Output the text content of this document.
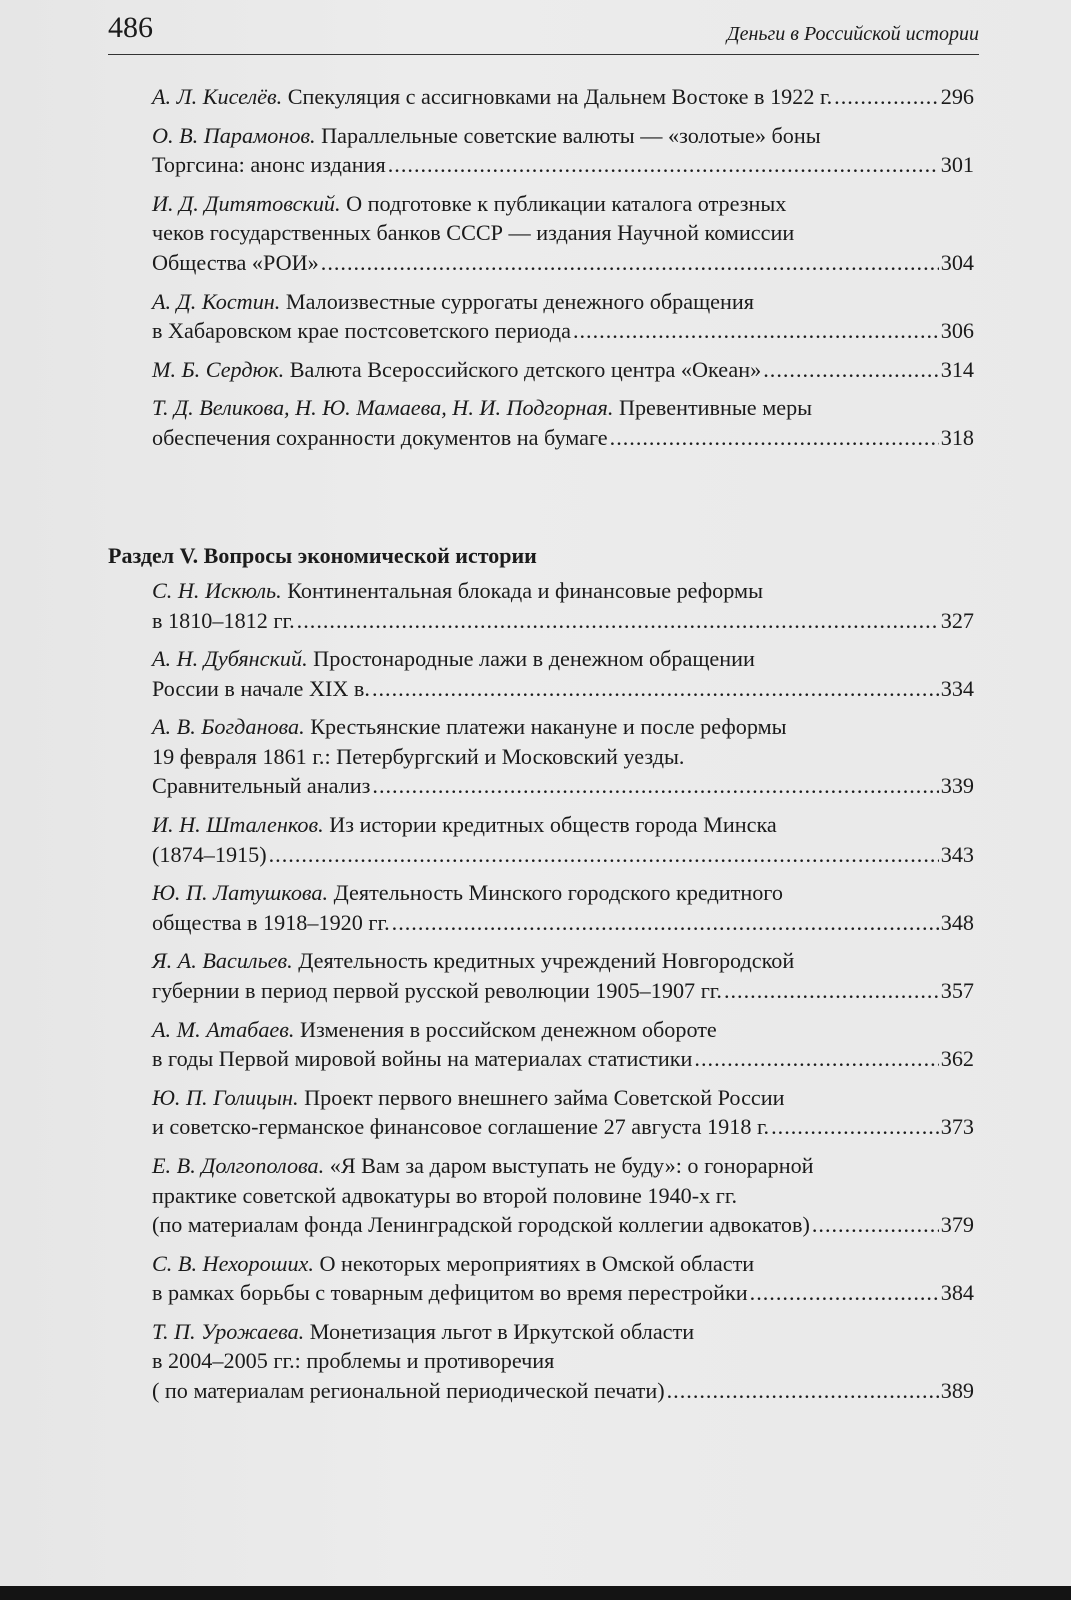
486	Деньги в Российской истории
А. Л. Киселёв. Спекуляция с ассигновками на Дальнем Востоке в 1922 г. .....	296
О. В. Парамонов. Параллельные советские валюты — «золотые» боны
Торгсина: анонс издания .....	301
И. Д. Дитятовский. О подготовке к публикации каталога отрезных
чеков государственных банков СССР — издания Научной комиссии
Общества «РОИ» .....	304
А. Д. Костин. Малоизвестные суррогаты денежного обращения
в Хабаровском крае постсоветского периода .....	306
М. Б. Сердюк. Валюта Всероссийского детского центра «Океан» .....	314
Т. Д. Великова, Н. Ю. Мамаева, Н. И. Подгорная. Превентивные меры
обеспечения сохранности документов на бумаге .....	318
Раздел V. Вопросы экономической истории
С. Н. Искюль. Континентальная блокада и финансовые реформы
в 1810–1812 гг. .....	327
А. Н. Дубянский. Простонародные лажи в денежном обращении
России в начале XIX в. .....	334
А. В. Богданова. Крестьянские платежи накануне и после реформы
19 февраля 1861 г.: Петербургский и Московский уезды.
Сравнительный анализ .....	339
И. Н. Шталенков. Из истории кредитных обществ города Минска
(1874–1915) .....	343
Ю. П. Латушкова. Деятельность Минского городского кредитного
общества в 1918–1920 гг. .....	348
Я. А. Васильев. Деятельность кредитных учреждений Новгородской
губернии в период первой русской революции 1905–1907 гг. .....	357
А. М. Атабаев. Изменения в российском денежном обороте
в годы Первой мировой войны на материалах статистики .....	362
Ю. П. Голицын. Проект первого внешнего займа Советской России
и советско-германское финансовое соглашение 27 августа 1918 г. .....	373
Е. В. Долгополова. «Я Вам за даром выступать не буду»: о гонорарной
практике советской адвокатуры во второй половине 1940-х гг.
(по материалам фонда Ленинградской городской коллегии адвокатов) .....	379
С. В. Нехороших. О некоторых мероприятиях в Омской области
в рамках борьбы с товарным дефицитом во время перестройки .....	384
Т. П. Урожаева. Монетизация льгот в Иркутской области
в 2004–2005 гг.: проблемы и противоречия
( по материалам региональной периодической печати) .....	389
